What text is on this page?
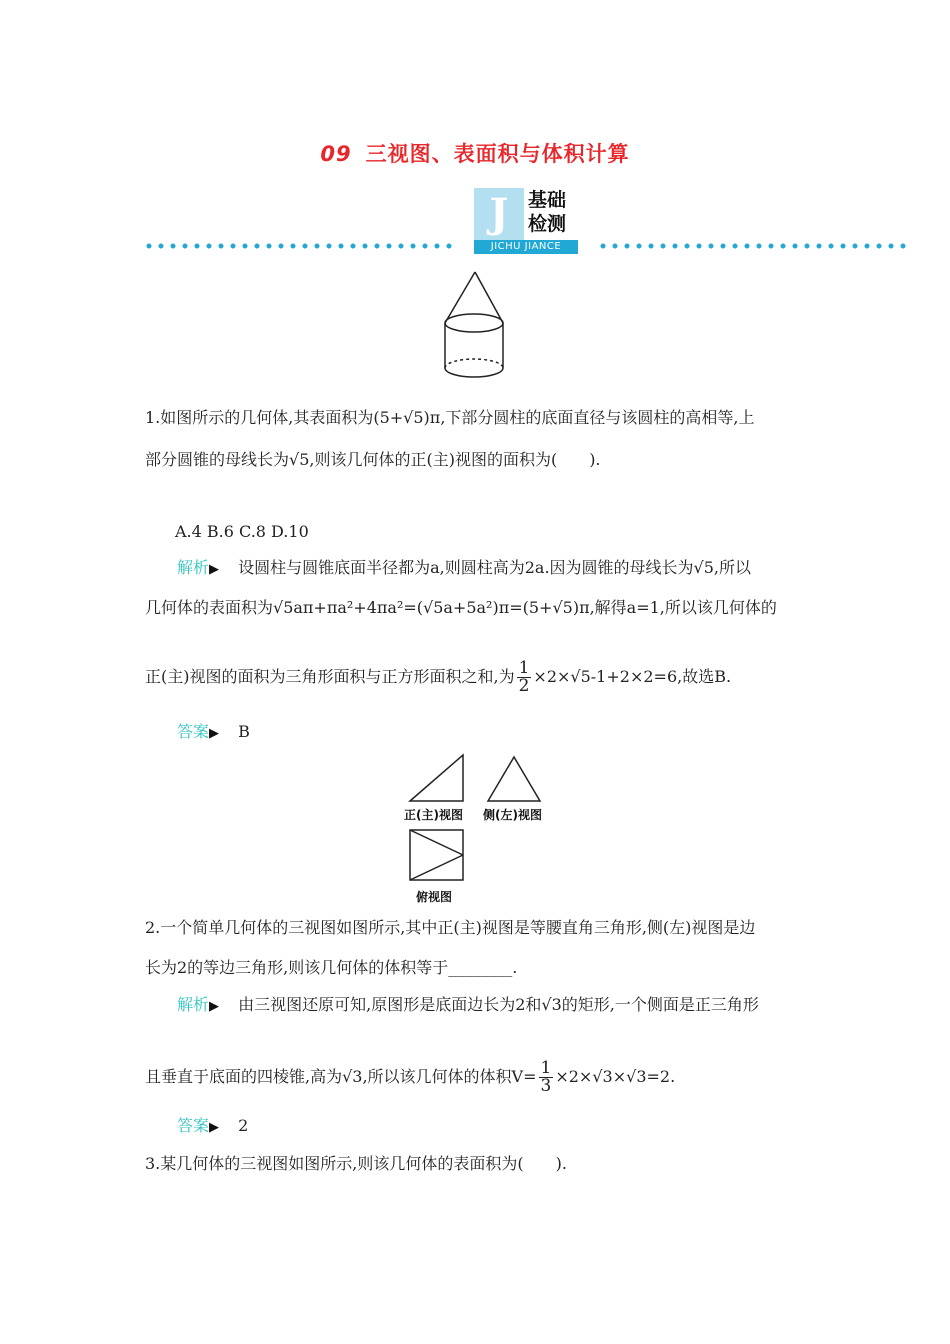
09 三视图、表面积与体积计算
J	基础
检测
JICHU JIANCE
1.如图所示的几何体,其表面积为(5+√5)π,下部分圆柱的底面直径与该圆柱的高相等,上
部分圆锥的母线长为√5,则该几何体的正(主)视图的面积为(　　).
A.4 B.6 C.8 D.10
解析▶ 设圆柱与圆锥底面半径都为a,则圆柱高为2a.因为圆锥的母线长为√5,所以
几何体的表面积为√5aπ+πa²+4πa²=(√5a+5a²)π=(5+√5)π,解得a=1,所以该几何体的
正(主)视图的面积为三角形面积与正方形面积之和,为 $\frac{1}{2} \times 2\times√5-1+2\times 2=6$,故选B.
答案▶ B
正(主)视图 侧(左)视图
俯视图
2.一个简单几何体的三视图如图所示,其中正(主)视图是等腰直角三角形,侧(左)视图是边
长为2的等边三角形,则该几何体的体积等于________.
解析▶ 由三视图还原可知,原图形是底面边长为2和√3的矩形,一个侧面是正三角形
且垂直于底面的四棱锥,高为√3,所以该几何体的体积$V= \frac{1}{3} \times 2\times√3\times√3=2$.
答案▶ 2
3.某几何体的三视图如图所示,则该几何体的表面积为(　　).
